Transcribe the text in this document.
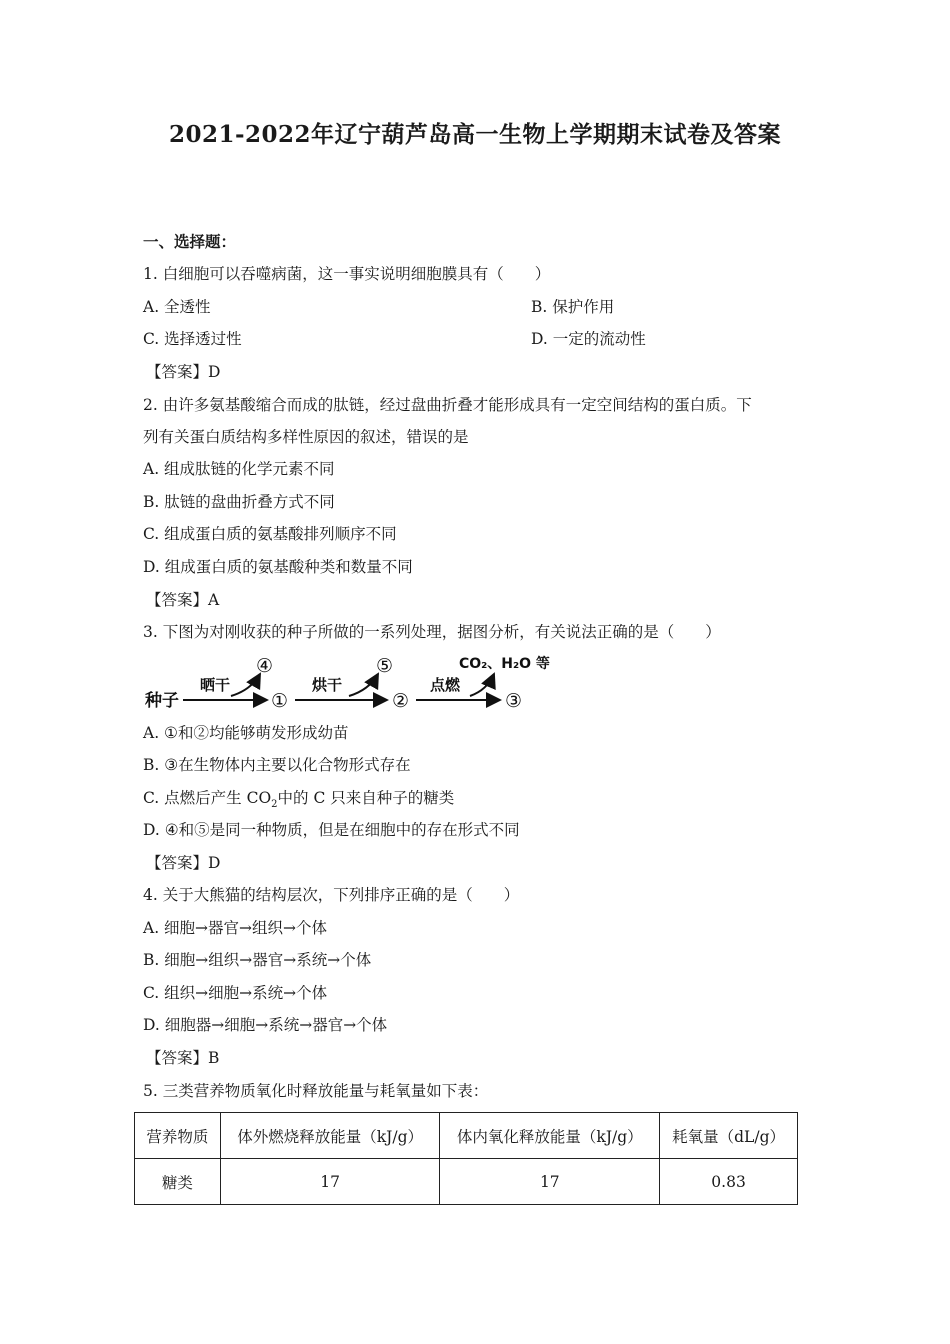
2021-2022年辽宁葫芦岛高一生物上学期期末试卷及答案
一、选择题：
1. 白细胞可以吞噬病菌，这一事实说明细胞膜具有（　　）
A. 全透性	B. 保护作用
C. 选择透过性	D. 一定的流动性
【答案】D
2. 由许多氨基酸缩合而成的肽链，经过盘曲折叠才能形成具有一定空间结构的蛋白质。下
列有关蛋白质结构多样性原因的叙述，错误的是
A. 组成肽链的化学元素不同
B. 肽链的盘曲折叠方式不同
C. 组成蛋白质的氨基酸排列顺序不同
D. 组成蛋白质的氨基酸种类和数量不同
【答案】A
3. 下图为对刚收获的种子所做的一系列处理，据图分析，有关说法正确的是（　　）
种子
晒干
④
①
烘干
⑤
②
点燃
CO₂、H₂O 等
③
A. ①和②均能够萌发形成幼苗
B. ③在生物体内主要以化合物形式存在
C. 点燃后产生 $CO_2$中的 C 只来自种子的糖类
D. ④和⑤是同一种物质，但是在细胞中的存在形式不同
【答案】D
4. 关于大熊猫的结构层次，下列排序正确的是（　　）
A. 细胞→器官→组织→个体
B. 细胞→组织→器官→系统→个体
C. 组织→细胞→系统→个体
D. 细胞器→细胞→系统→器官→个体
【答案】B
5. 三类营养物质氧化时释放能量与耗氧量如下表：
营养物质	体外燃烧释放能量（kJ/g）	体内氧化释放能量（kJ/g）	耗氧量（dL/g）
糖类	17	17	0.83
